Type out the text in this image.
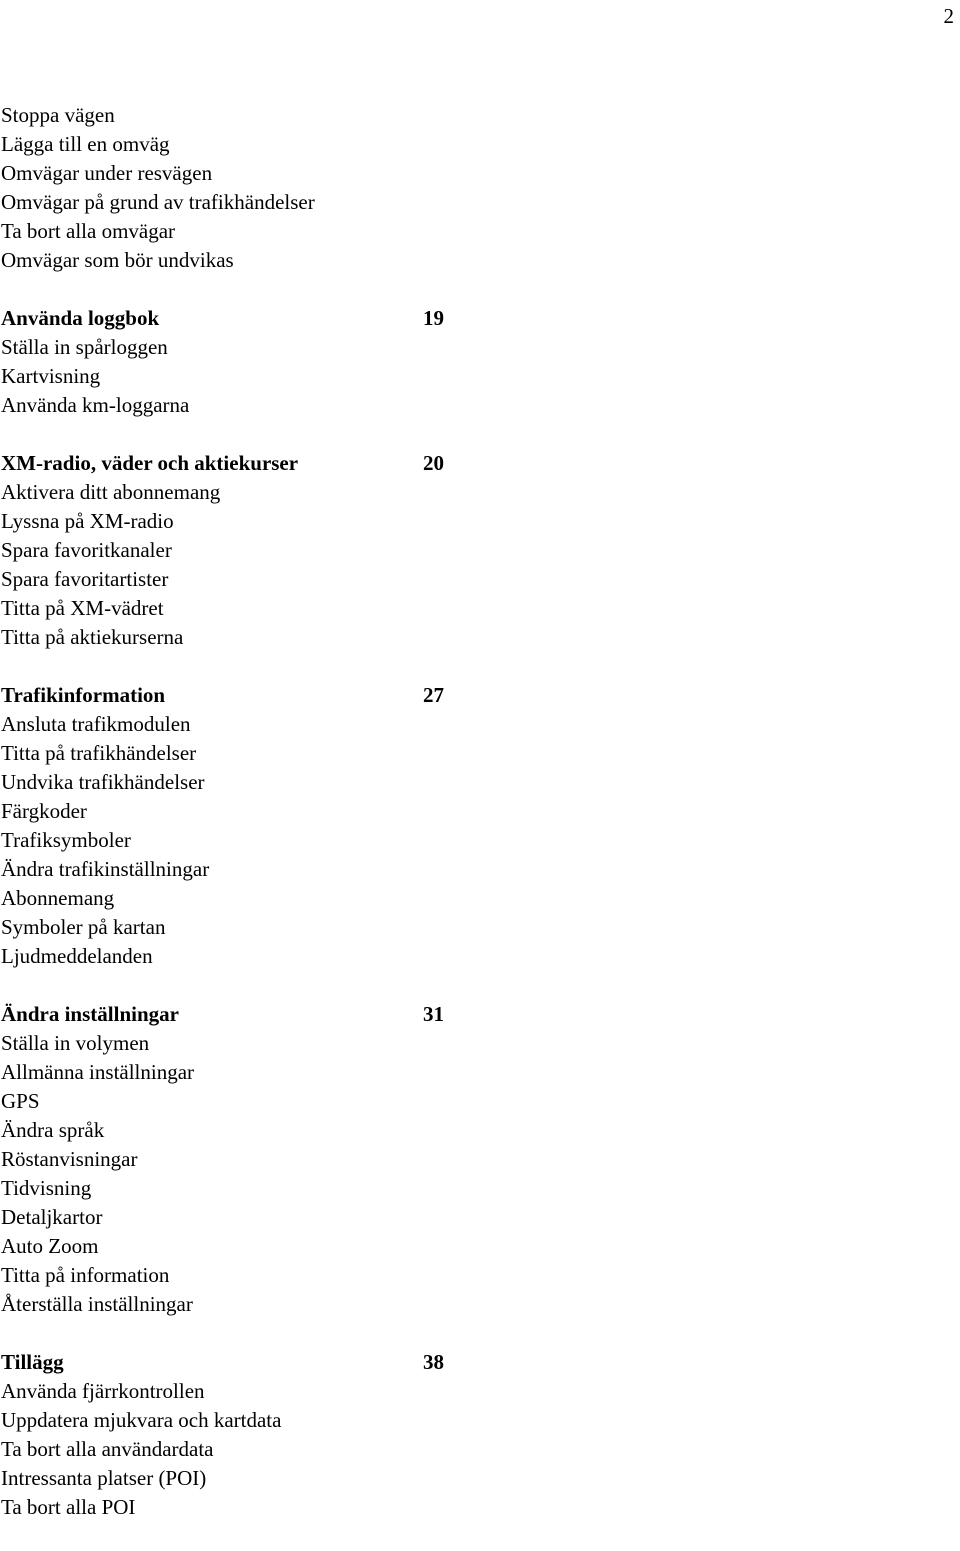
2
Stoppa vägen
Lägga till en omväg
Omvägar under resvägen
Omvägar på grund av trafikhändelser
Ta bort alla omvägar
Omvägar som bör undvikas
Använda loggbok	19
Ställa in spårloggen
Kartvisning
Använda km-loggarna
XM-radio, väder och aktiekurser	20
Aktivera ditt abonnemang
Lyssna på XM-radio
Spara favoritkanaler
Spara favoritartister
Titta på XM-vädret
Titta på aktiekurserna
Trafikinformation	27
Ansluta trafikmodulen
Titta på trafikhändelser
Undvika trafikhändelser
Färgkoder
Trafiksymboler
Ändra trafikinställningar
Abonnemang
Symboler på kartan
Ljudmeddelanden
Ändra inställningar	31
Ställa in volymen
Allmänna inställningar
GPS
Ändra språk
Röstanvisningar
Tidvisning
Detaljkartor
Auto Zoom
Titta på information
Återställa inställningar
Tillägg	38
Använda fjärrkontrollen
Uppdatera mjukvara och kartdata
Ta bort alla användardata
Intressanta platser (POI)
Ta bort alla POI
